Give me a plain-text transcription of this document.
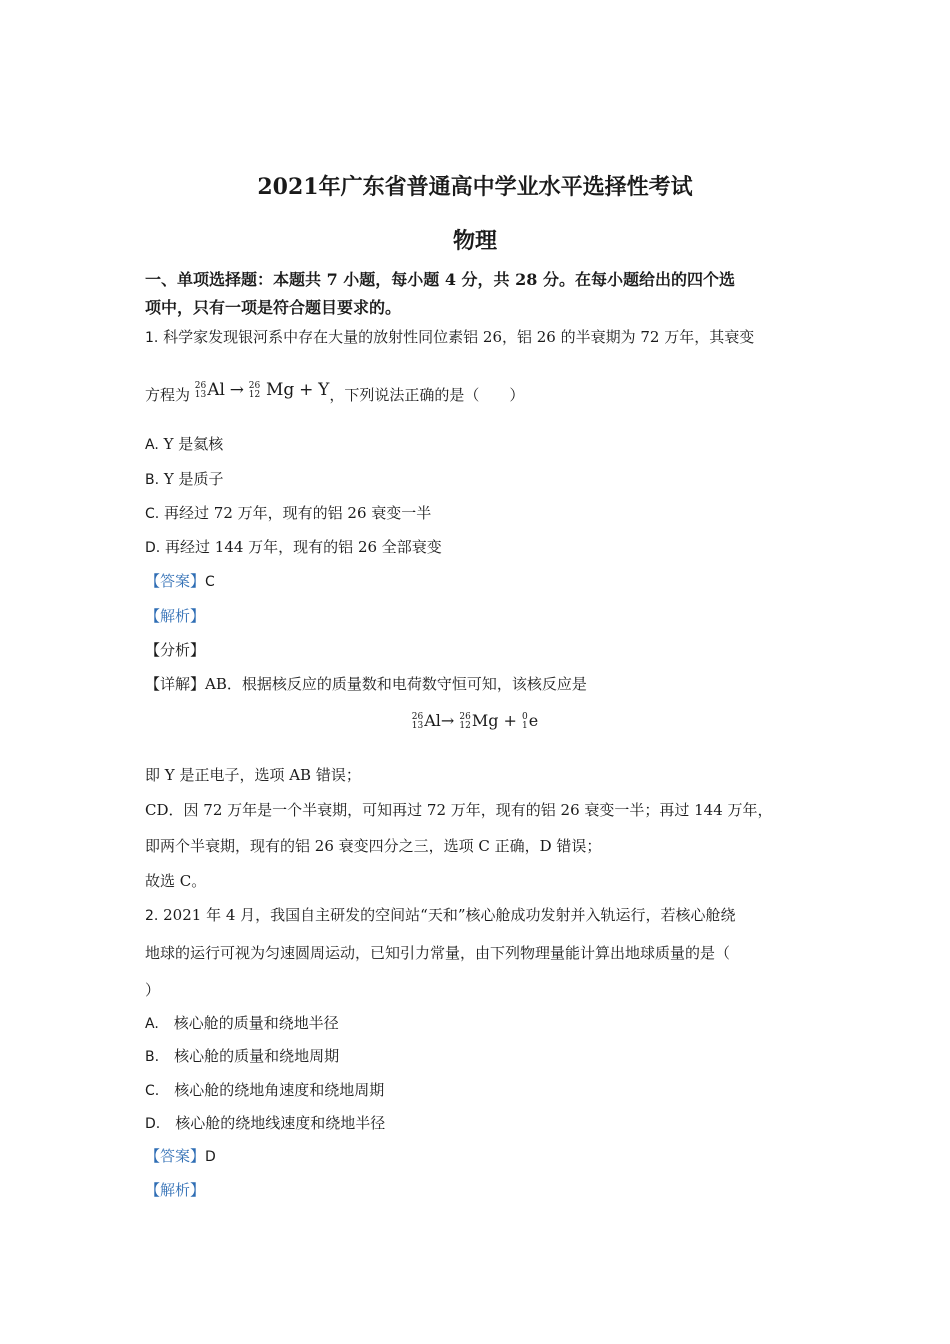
2021年广东省普通高中学业水平选择性考试
物理
一、单项选择题：本题共 7 小题，每小题 4 分，共 28 分。在每小题给出的四个选
项中，只有一项是符合题目要求的。
1. 科学家发现银河系中存在大量的放射性同位素铝 26，铝 26 的半衰期为 72 万年，其衰变
方程为 26
13 Al → 26
12 Mg + Y，下列说法正确的是（　　）
A. Y 是氦核
B. Y 是质子
C. 再经过 72 万年，现有的铝 26 衰变一半
D. 再经过 144 万年，现有的铝 26 全部衰变
【答案】C
【解析】
【分析】
【详解】AB．根据核反应的质量数和电荷数守恒可知，该核反应是
26
13 Al→ 26
12 Mg + 0
1 e
即 Y 是正电子，选项 AB 错误；
CD．因 72 万年是一个半衰期，可知再过 72 万年，现有的铝 26 衰变一半；再过 144 万年，
即两个半衰期，现有的铝 26 衰变四分之三，选项 C 正确，D 错误；
故选 C。
2. 2021 年 4 月，我国自主研发的空间站“天和”核心舱成功发射并入轨运行，若核心舱绕
地球的运行可视为匀速圆周运动，已知引力常量，由下列物理量能计算出地球质量的是（
）
A.　 核心舱的质量和绕地半径
B.　 核心舱的质量和绕地周期
C.　 核心舱的绕地角速度和绕地周期
D.　 核心舱的绕地线速度和绕地半径
【答案】D
【解析】
